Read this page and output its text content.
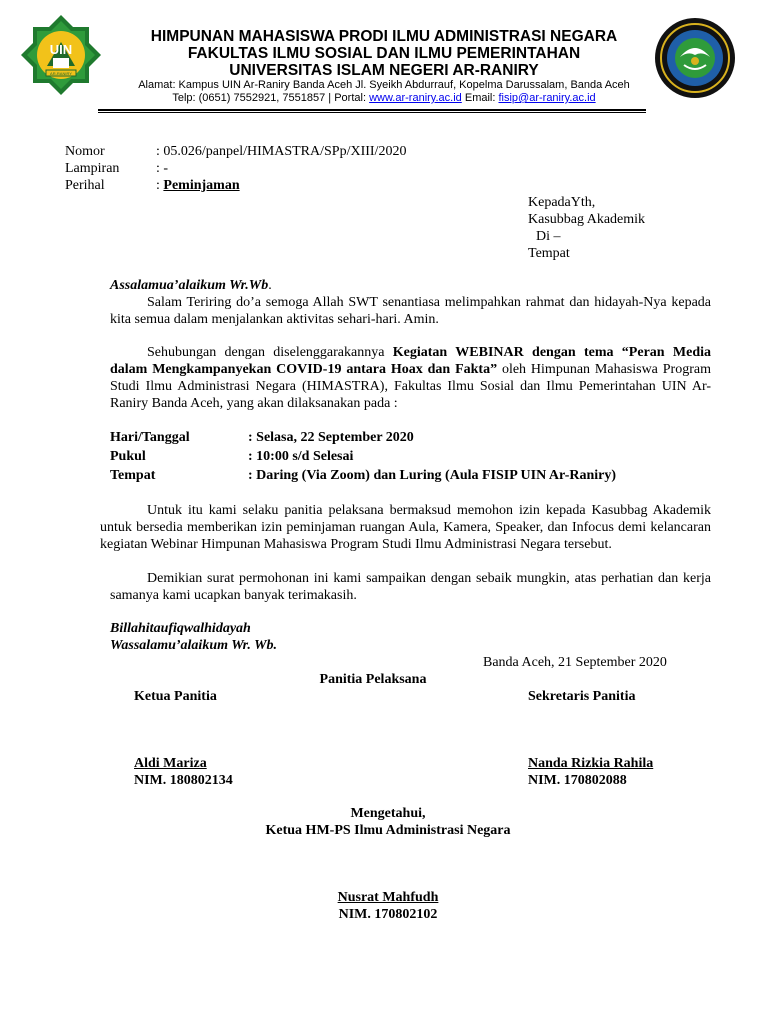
UIN
AR-RANIRY
HIMPUNAN MAHASISWA PRODI ILMU ADMINISTRASI NEGARA
FAKULTAS ILMU SOSIAL DAN ILMU PEMERINTAHAN
UNIVERSITAS ISLAM NEGERI AR-RANIRY
Alamat: Kampus UIN Ar-Raniry Banda Aceh Jl. Syeikh Abdurrauf, Kopelma Darussalam, Banda Aceh
Telp: (0651) 7552921, 7551857 | Portal: www.ar-raniry.ac.id Email: fisip@ar-raniry.ac.id
Nomor	: 05.026/panpel/HIMASTRA/SPp/XIII/2020
Lampiran	: -
Perihal	: Peminjaman
KepadaYth,
Kasubbag Akademik
Di –
Tempat
Assalamua’alaikum Wr.Wb.
Salam Teriring do’a semoga Allah SWT senantiasa melimpahkan rahmat dan hidayah-Nya kepada kita semua dalam menjalankan aktivitas sehari-hari. Amin.
Sehubungan dengan diselenggarakannya Kegiatan WEBINAR dengan tema “Peran Media dalam Mengkampanyekan COVID-19 antara Hoax dan Fakta” oleh Himpunan Mahasiswa Program Studi Ilmu Administrasi Negara (HIMASTRA), Fakultas Ilmu Sosial dan Ilmu Pemerintahan UIN Ar-Raniry Banda Aceh, yang akan dilaksanakan pada :
Hari/Tanggal	: Selasa, 22 September 2020
Pukul	: 10:00 s/d Selesai
Tempat	: Daring (Via Zoom) dan Luring (Aula FISIP UIN Ar-Raniry)
Untuk itu kami selaku panitia pelaksana bermaksud memohon izin kepada Kasubbag Akademik untuk bersedia memberikan izin peminjaman ruangan Aula, Kamera, Speaker, dan Infocus demi kelancaran kegiatan Webinar Himpunan Mahasiswa Program Studi Ilmu Administrasi Negara tersebut.
Demikian surat permohonan ini kami sampaikan dengan sebaik mungkin, atas perhatian dan kerja samanya kami ucapkan banyak terimakasih.
Billahitaufiqwalhidayah
Wassalamu’alaikum Wr. Wb.
Banda Aceh, 21 September 2020
Panitia Pelaksana
Ketua Panitia	Sekretaris Panitia
Aldi Mariza
NIM. 180802134
Nanda Rizkia Rahila
NIM. 170802088
Mengetahui,
Ketua HM-PS Ilmu Administrasi Negara
Nusrat Mahfudh
NIM. 170802102
